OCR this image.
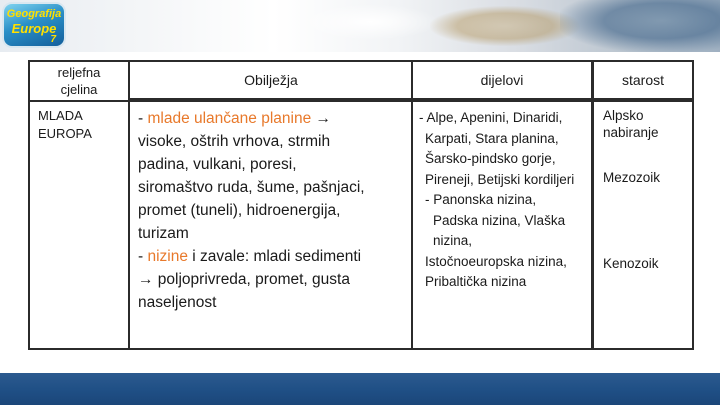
Geografija
Europe
7
reljefna
cjelina
Obilježja	dijelovi	starost
MLADA
EUROPA
- mlade ulančane planine →
visoke, oštrih vrhova, strmih
padina, vulkani, poresi,
siromaštvo ruda, šume, pašnjaci,
promet (tuneli), hidroenergija,
turizam
- nizine i zavale: mladi sedimenti
→ poljoprivreda, promet, gusta
naseljenost
- Alpe, Apenini, Dinaridi,
Karpati, Stara planina,
Šarsko-pindsko gorje,
Pireneji, Betijski kordiljeri
- Panonska nizina,
Padska nizina, Vlaška
nizina,
Istočnoeuropska nizina,
Pribaltička nizina
Alpsko
nabiranje
Mezozoik
Kenozoik
